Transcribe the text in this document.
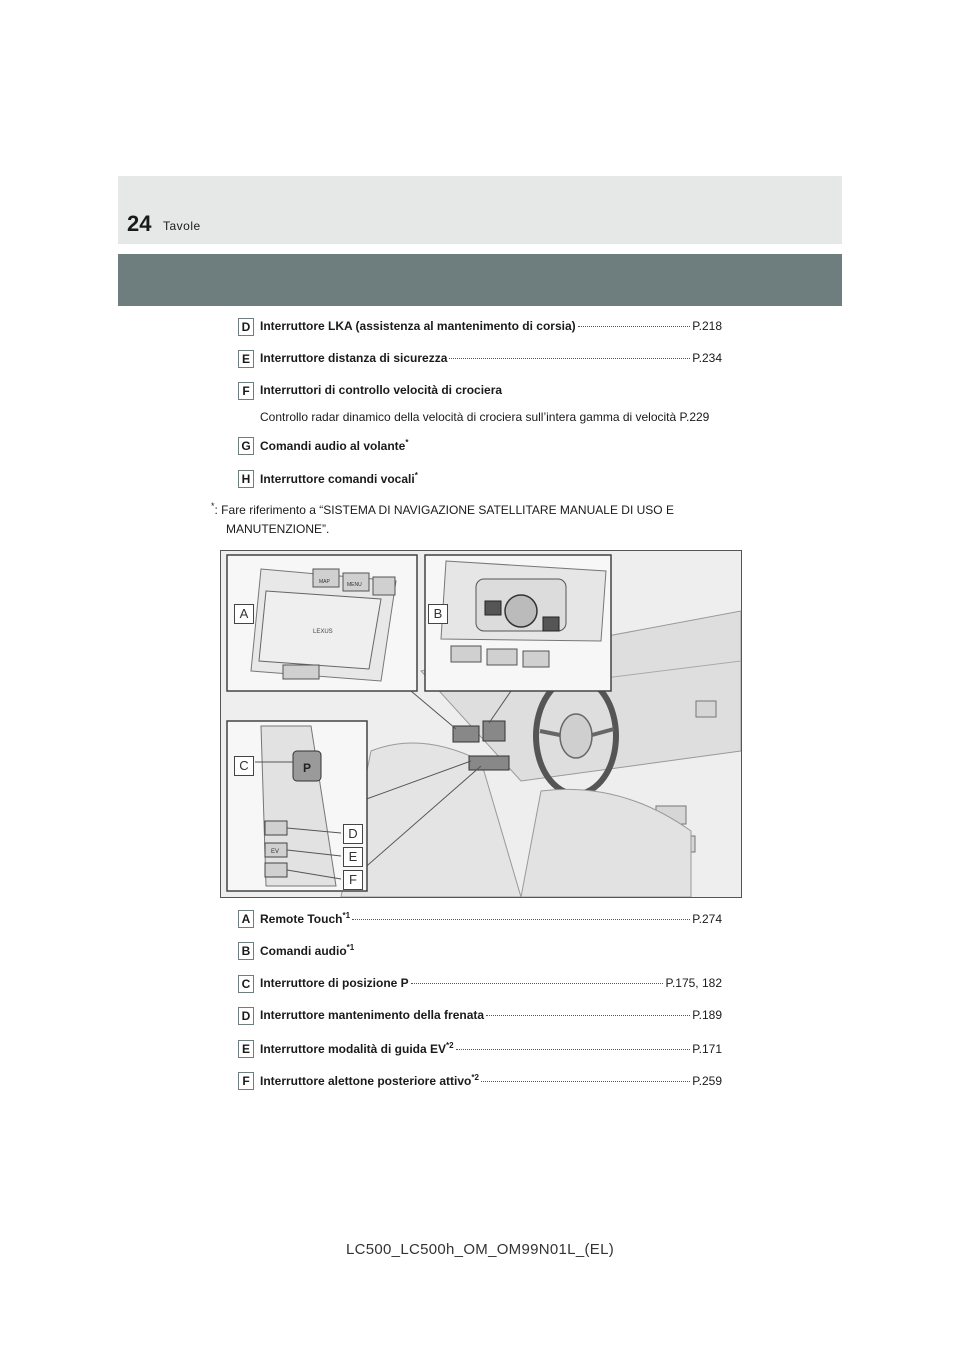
24 Tavole
D Interruttore LKA (assistenza al mantenimento di corsia)	P.218
E Interruttore distanza di sicurezza	P.234
F Interruttori di controllo velocità di crociera
Controllo radar dinamico della velocità di crociera sull’intera gamma di velocità P.229
G Comandi audio al volante*
H Interruttore comandi vocali*
*: Fare riferimento a “SISTEMA DI NAVIGAZIONE SATELLITARE MANUALE DI USO E
MANUTENZIONE”.
MAP	MENU
LEXUS
P
EV
A	B
C
D
E
F
A Remote Touch$^{*1}$	P.274
B Comandi audio$^{*1}$
C Interruttore di posizione P	P.175, 182
D Interruttore mantenimento della frenata	P.189
E Interruttore modalità di guida EV$^{*2}$	P.171
F Interruttore alettone posteriore attivo$^{*2}$	P.259
LC500_LC500h_OM_OM99N01L_(EL)
